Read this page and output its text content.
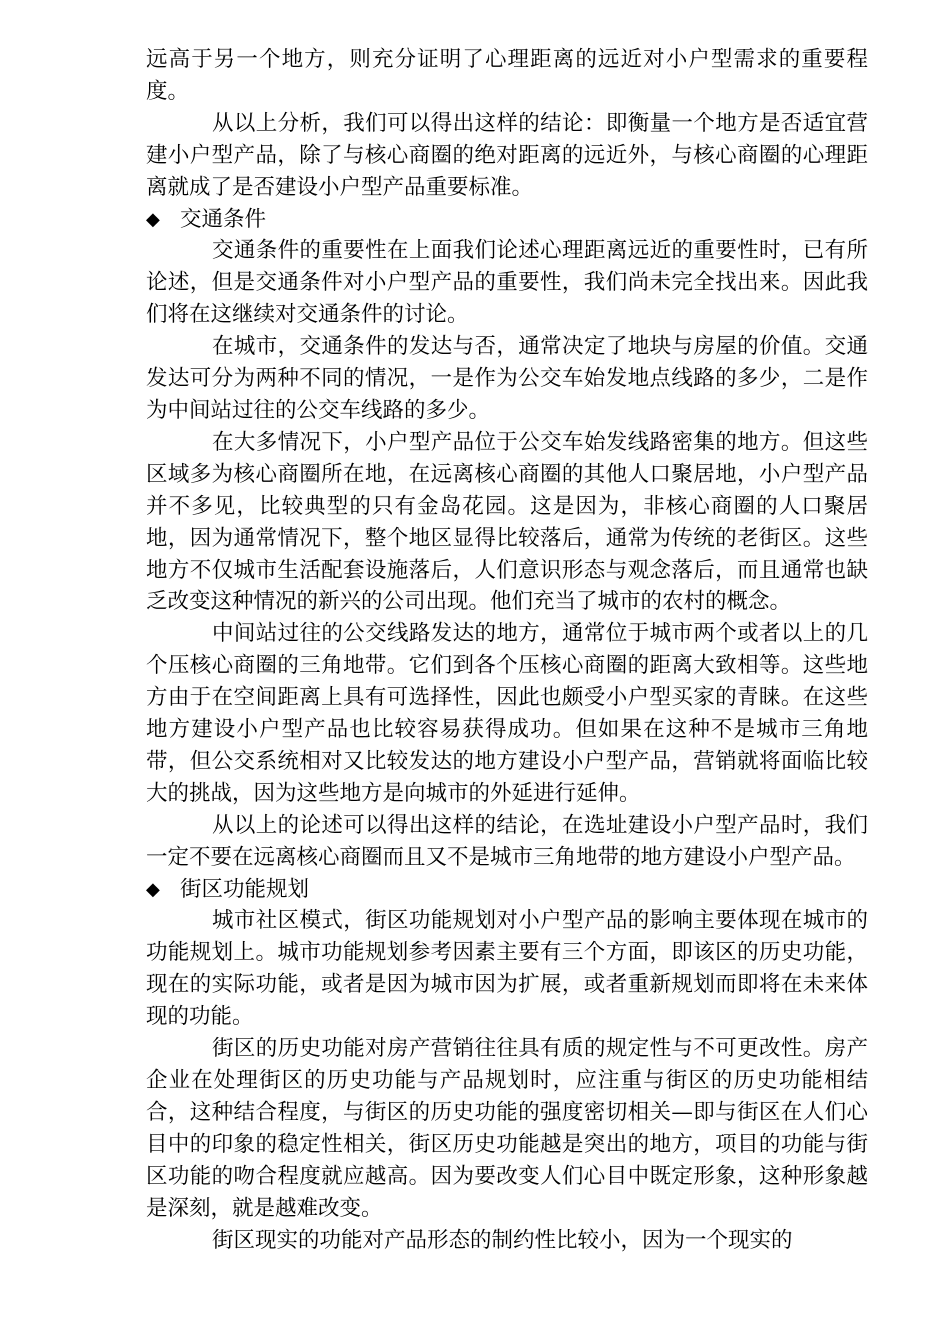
远高于另一个地方，则充分证明了心理距离的远近对小户型需求的重要程度。

从以上分析，我们可以得出这样的结论：即衡量一个地方是否适宜营建小户型产品，除了与核心商圈的绝对距离的远近外，与核心商圈的心理距离就成了是否建设小户型产品重要标准。

◆ 交通条件

交通条件的重要性在上面我们论述心理距离远近的重要性时，已有所论述，但是交通条件对小户型产品的重要性，我们尚未完全找出来。因此我们将在这继续对交通条件的讨论。

在城市，交通条件的发达与否，通常决定了地块与房屋的价值。交通发达可分为两种不同的情况，一是作为公交车始发地点线路的多少，二是作为中间站过往的公交车线路的多少。

在大多情况下，小户型产品位于公交车始发线路密集的地方。但这些区域多为核心商圈所在地，在远离核心商圈的其他人口聚居地，小户型产品并不多见，比较典型的只有金岛花园。这是因为，非核心商圈的人口聚居地，因为通常情况下，整个地区显得比较落后，通常为传统的老街区。这些地方不仅城市生活配套设施落后，人们意识形态与观念落后，而且通常也缺乏改变这种情况的新兴的公司出现。他们充当了城市的农村的概念。

中间站过往的公交线路发达的地方，通常位于城市两个或者以上的几个压核心商圈的三角地带。它们到各个压核心商圈的距离大致相等。这些地方由于在空间距离上具有可选择性，因此也颇受小户型买家的青睐。在这些地方建设小户型产品也比较容易获得成功。但如果在这种不是城市三角地带，但公交系统相对又比较发达的地方建设小户型产品，营销就将面临比较大的挑战，因为这些地方是向城市的外延进行延伸。

从以上的论述可以得出这样的结论，在选址建设小户型产品时，我们一定不要在远离核心商圈而且又不是城市三角地带的地方建设小户型产品。

◆ 街区功能规划

城市社区模式，街区功能规划对小户型产品的影响主要体现在城市的功能规划上。城市功能规划参考因素主要有三个方面，即该区的历史功能，现在的实际功能，或者是因为城市因为扩展，或者重新规划而即将在未来体现的功能。

街区的历史功能对房产营销往往具有质的规定性与不可更改性。房产企业在处理街区的历史功能与产品规划时，应注重与街区的历史功能相结合，这种结合程度，与街区的历史功能的强度密切相关—即与街区在人们心目中的印象的稳定性相关，街区历史功能越是突出的地方，项目的功能与街区功能的吻合程度就应越高。因为要改变人们心目中既定形象，这种形象越是深刻，就是越难改变。

街区现实的功能对产品形态的制约性比较小，因为一个现实的
